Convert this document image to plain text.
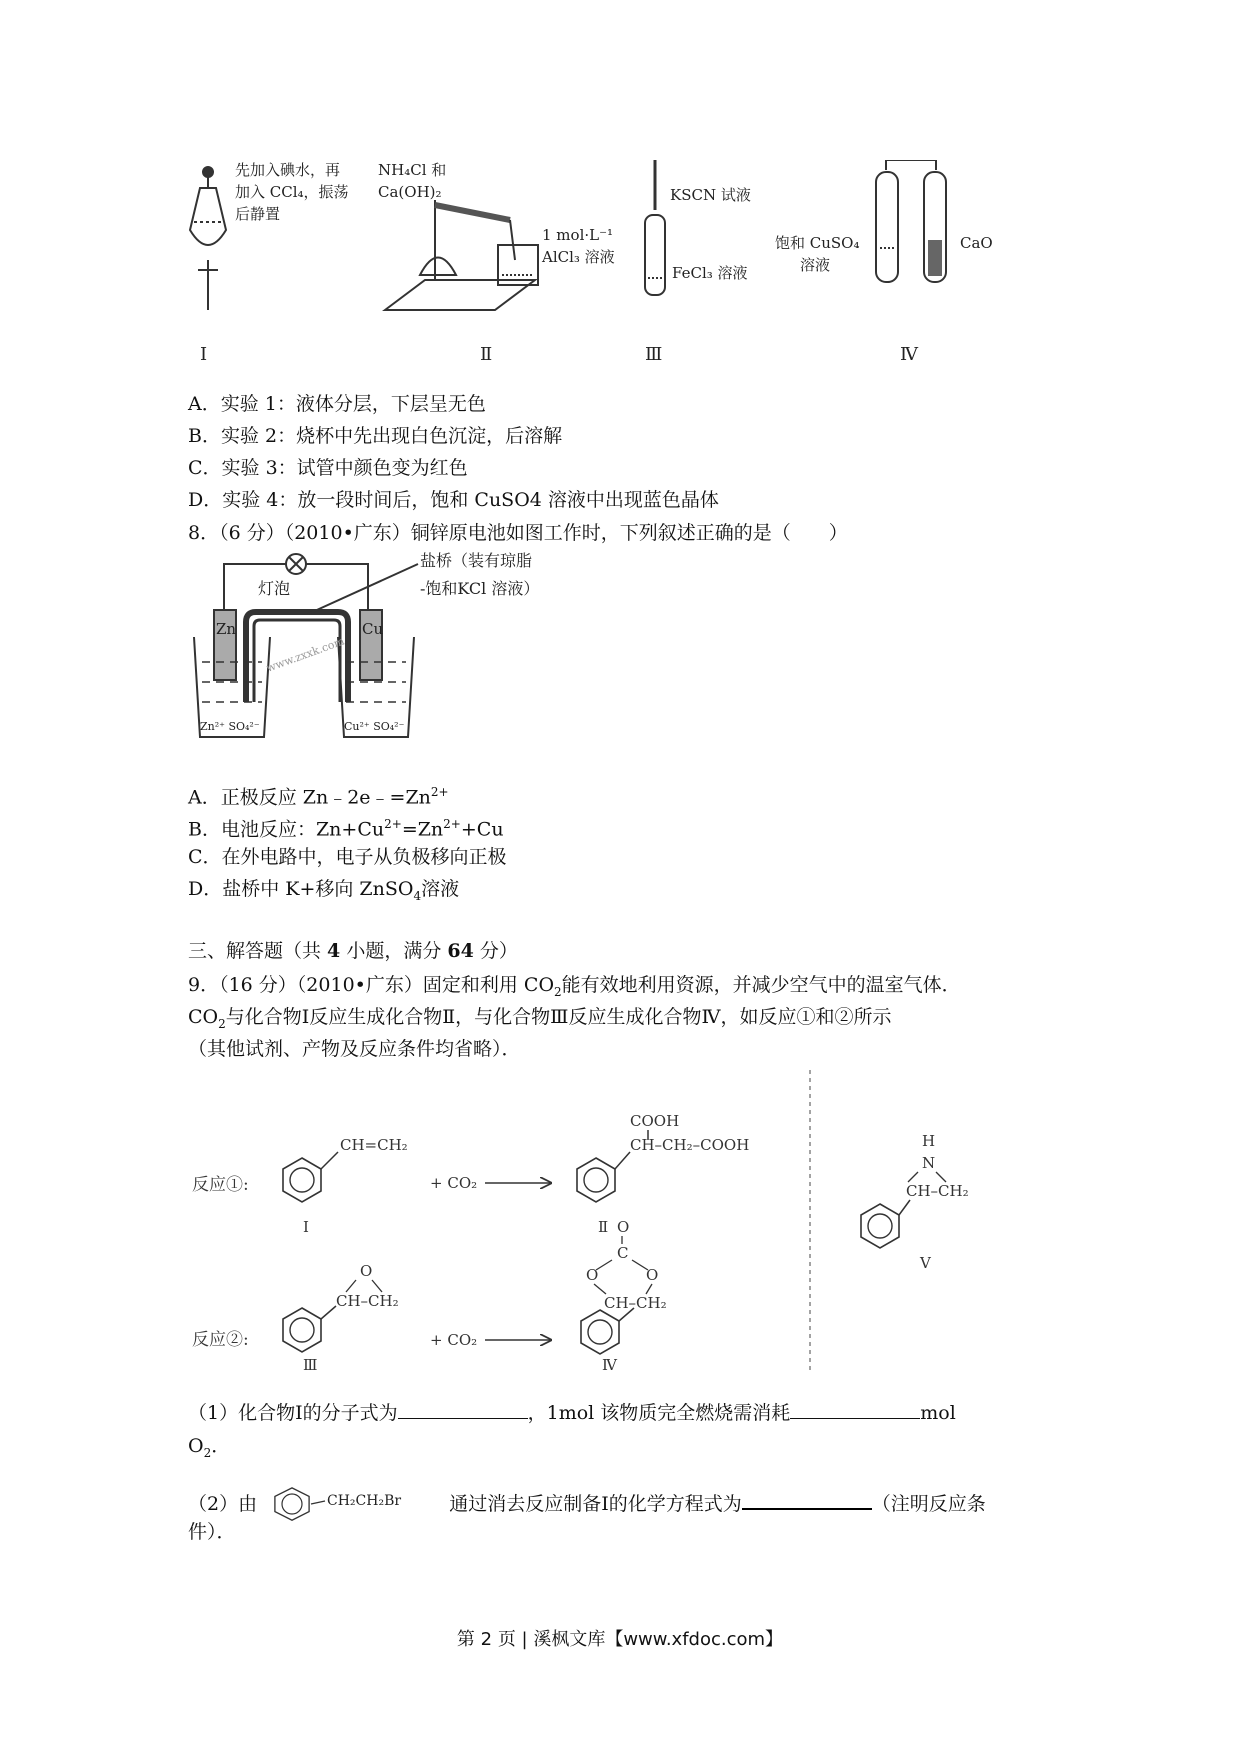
先加入碘水，再
加入 CCl₄，振荡
后静置
NH₄Cl 和
Ca(OH)₂
1 mol·L⁻¹
AlCl₃ 溶液
KSCN 试液
FeCl₃ 溶液
饱和 CuSO₄
溶液
CaO
Ⅰ	Ⅱ	Ⅲ	Ⅳ
A．实验 1：液体分层，下层呈无色
B．实验 2：烧杯中先出现白色沉淀，后溶解
C．实验 3：试管中颜色变为红色
D．实验 4：放一段时间后，饱和 CuSO4 溶液中出现蓝色晶体
8．（6 分）（2010•广东）铜锌原电池如图工作时，下列叙述正确的是（　　）
灯泡
盐桥（装有琼脂
-饱和KCl 溶液）
Zn	Cu
Zn²⁺ SO₄²⁻	Cu²⁺ SO₄²⁻
www.zxxk.com
A．正极反应 $Zn﹣2e﹣=Zn^{2+}$
B．电池反应：$Zn+Cu^{2+}=Zn^{2+}+Cu$
C．在外电路中，电子从负极移向正极
D．盐桥中 K+移向 ZnSO$_4$溶液
三、解答题（共 4 小题，满分 64 分）
9．（16 分）（2010•广东）固定和利用 $CO_2$能有效地利用资源，并减少空气中的温室气体．
$CO_2$与化合物Ⅰ反应生成化合物Ⅱ，与化合物Ⅲ反应生成化合物Ⅳ，如反应①和②所示
（其他试剂、产物及反应条件均省略）．
反应①:
CH=CH₂
Ⅰ
+ CO₂
COOH
CH–CH₂–COOH
Ⅱ
反应②:
O
CH–CH₂
Ⅲ
+ CO₂
O
C
O	O
CH–CH₂
Ⅳ
H
N
CH–CH₂
Ⅴ
（1）化合物Ⅰ的分子式为	，1mol 该物质完全燃烧需消耗	mol
$O_2$．
（2）由	CH₂CH₂Br	通过消去反应制备Ⅰ的化学方程式为	（注明反应条
件）．
第 2 页 | 溪枫文库【www.xfdoc.com】
